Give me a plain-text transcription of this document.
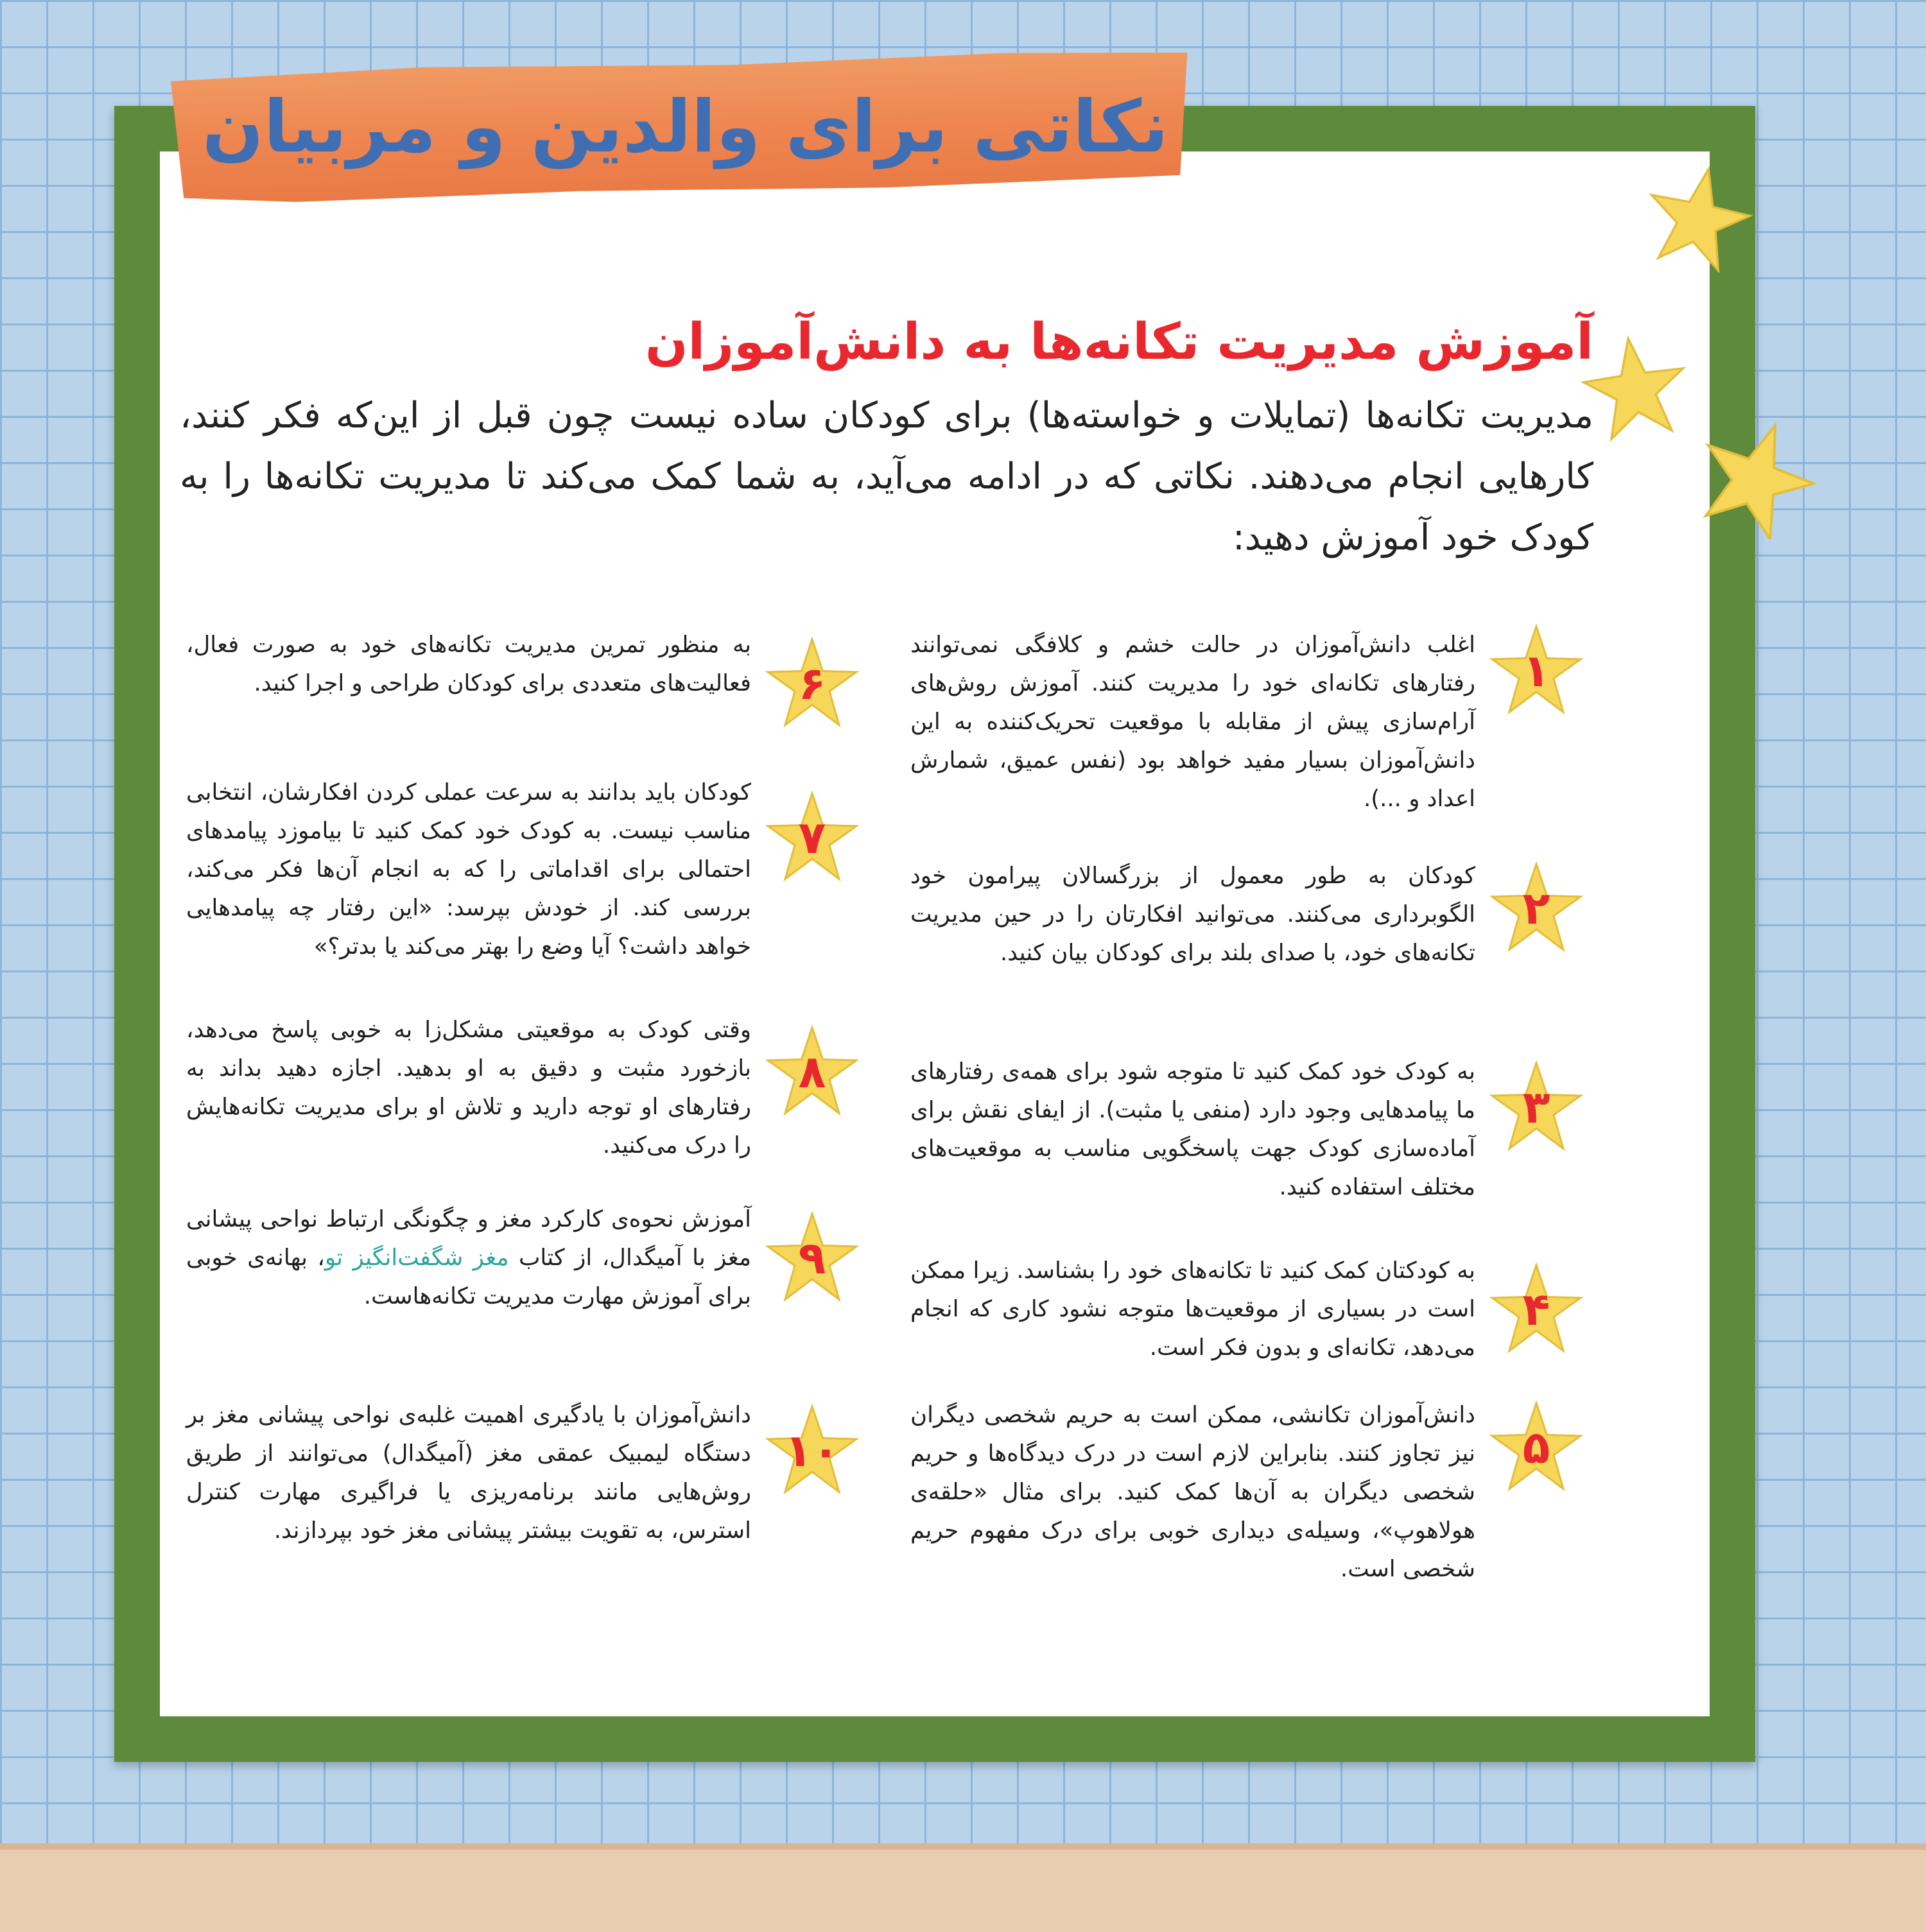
نکاتی برای والدین و مربیان
آموزش مدیریت تکانه‌ها به دانش‌آموزان
مدیریت تکانه‌ها (تمایلات و خواسته‌ها) برای کودکان ساده نیست چون قبل از این‌که فکر کنند، کارهایی انجام می‌دهند. نکاتی که در ادامه می‌آید، به شما کمک می‌کند تا مدیریت تکانه‌ها را به کودک خود آموزش دهید:
۱
اغلب دانش‌آموزان در حالت خشم و کلافگی نمی‌توانند رفتارهای تکانه‌ای خود را مدیریت کنند. آموزش روش‌های آرام‌سازی پیش از مقابله با موقعیت تحریک‌کننده به این دانش‌آموزان بسیار مفید خواهد بود (نفس عمیق، شمارش اعداد و ...).
۲
کودکان به طور معمول از بزرگسالان پیرامون خود الگوبرداری می‌کنند. می‌توانید افکارتان را در حین مدیریت تکانه‌های خود، با صدای بلند برای کودکان بیان کنید.
۳
به کودک خود کمک کنید تا متوجه شود برای همه‌ی رفتارهای ما پیامدهایی وجود دارد (منفی یا مثبت). از ایفای نقش برای آماده‌سازی کودک جهت پاسخگویی مناسب به موقعیت‌های مختلف استفاده کنید.
۴
به کودکتان کمک کنید تا تکانه‌های خود را بشناسد. زیرا ممکن است در بسیاری از موقعیت‌ها متوجه نشود کاری که انجام می‌دهد، تکانه‌ای و بدون فکر است.
۵
دانش‌آموزان تکانشی، ممکن است به حریم شخصی دیگران نیز تجاوز کنند. بنابراین لازم است در درک دیدگاه‌ها و حریم شخصی دیگران به آن‌ها کمک کنید. برای مثال «حلقه‌ی هولاهوپ»، وسیله‌ی دیداری خوبی برای درک مفهوم حریم شخصی است.
۶
به منظور تمرین مدیریت تکانه‌های خود به صورت فعال، فعالیت‌های متعددی برای کودکان طراحی و اجرا کنید.
۷
کودکان باید بدانند به سرعت عملی کردن افکارشان، انتخابی مناسب نیست. به کودک خود کمک کنید تا بیاموزد پیامدهای احتمالی برای اقداماتی را که به انجام آن‌ها فکر می‌کند، بررسی کند. از خودش بپرسد: «این رفتار چه پیامدهایی خواهد داشت؟ آیا وضع را بهتر می‌کند یا بدتر؟»
۸
وقتی کودک به موقعیتی مشکل‌زا به خوبی پاسخ می‌دهد، بازخورد مثبت و دقیق به او بدهید. اجازه دهید بداند به رفتارهای او توجه دارید و تلاش او برای مدیریت تکانه‌هایش را درک می‌کنید.
۹
آموزش نحوه‌ی کارکرد مغز و چگونگی ارتباط نواحی پیشانی مغز با آمیگدال، از کتاب مغز شگفت‌انگیز تو، بهانه‌ی خوبی برای آموزش مهارت مدیریت تکانه‌هاست.
۱۰
دانش‌آموزان با یادگیری اهمیت غلبه‌ی نواحی پیشانی مغز بر دستگاه لیمبیک عمقی مغز (آمیگدال) می‌توانند از طریق روش‌هایی مانند برنامه‌ریزی یا فراگیری مهارت کنترل استرس، به تقویت بیشتر پیشانی مغز خود بپردازند.
